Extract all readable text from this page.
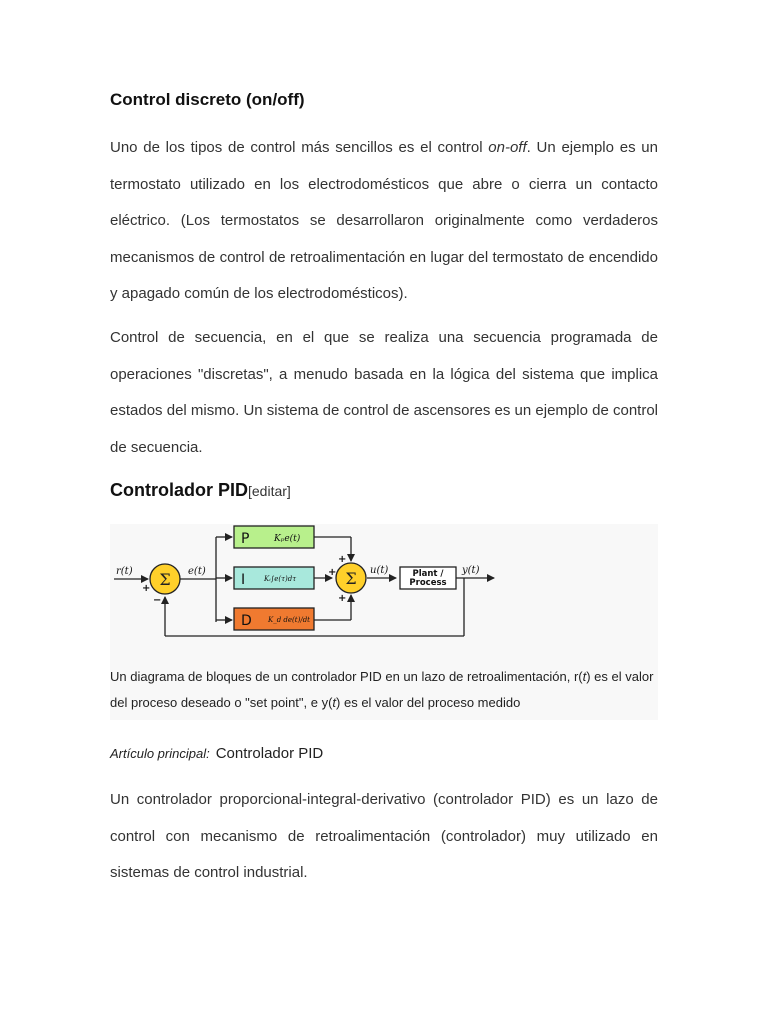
Control discreto (on/off)

Uno de los tipos de control más sencillos es el control on-off. Un ejemplo es un termostato utilizado en los electrodomésticos que abre o cierra un contacto eléctrico. (Los termostatos se desarrollaron originalmente como verdaderos mecanismos de control de retroalimentación en lugar del termostato de encendido y apagado común de los electrodomésticos).

Control de secuencia, en el que se realiza una secuencia programada de operaciones "discretas", a menudo basada en la lógica del sistema que implica estados del mismo. Un sistema de control de ascensores es un ejemplo de control de secuencia.

Controlador PID[editar]
Σ	Σ
P	Kₚe(t)
I	Kᵢ∫e(τ)dτ
D K_d de(t)/dt
Plant /
Process
r(t)	e(t)	u(t)	y(t)
+
−
+
+
+
Un diagrama de bloques de un controlador PID en un lazo de retroalimentación, r(t) es el valor del proceso deseado o "set point", e y(t) es el valor del proceso medido
Artículo principal: Controlador PID

Un controlador proporcional-integral-derivativo (controlador PID) es un lazo de control con mecanismo de retroalimentación (controlador) muy utilizado en sistemas de control industrial.
